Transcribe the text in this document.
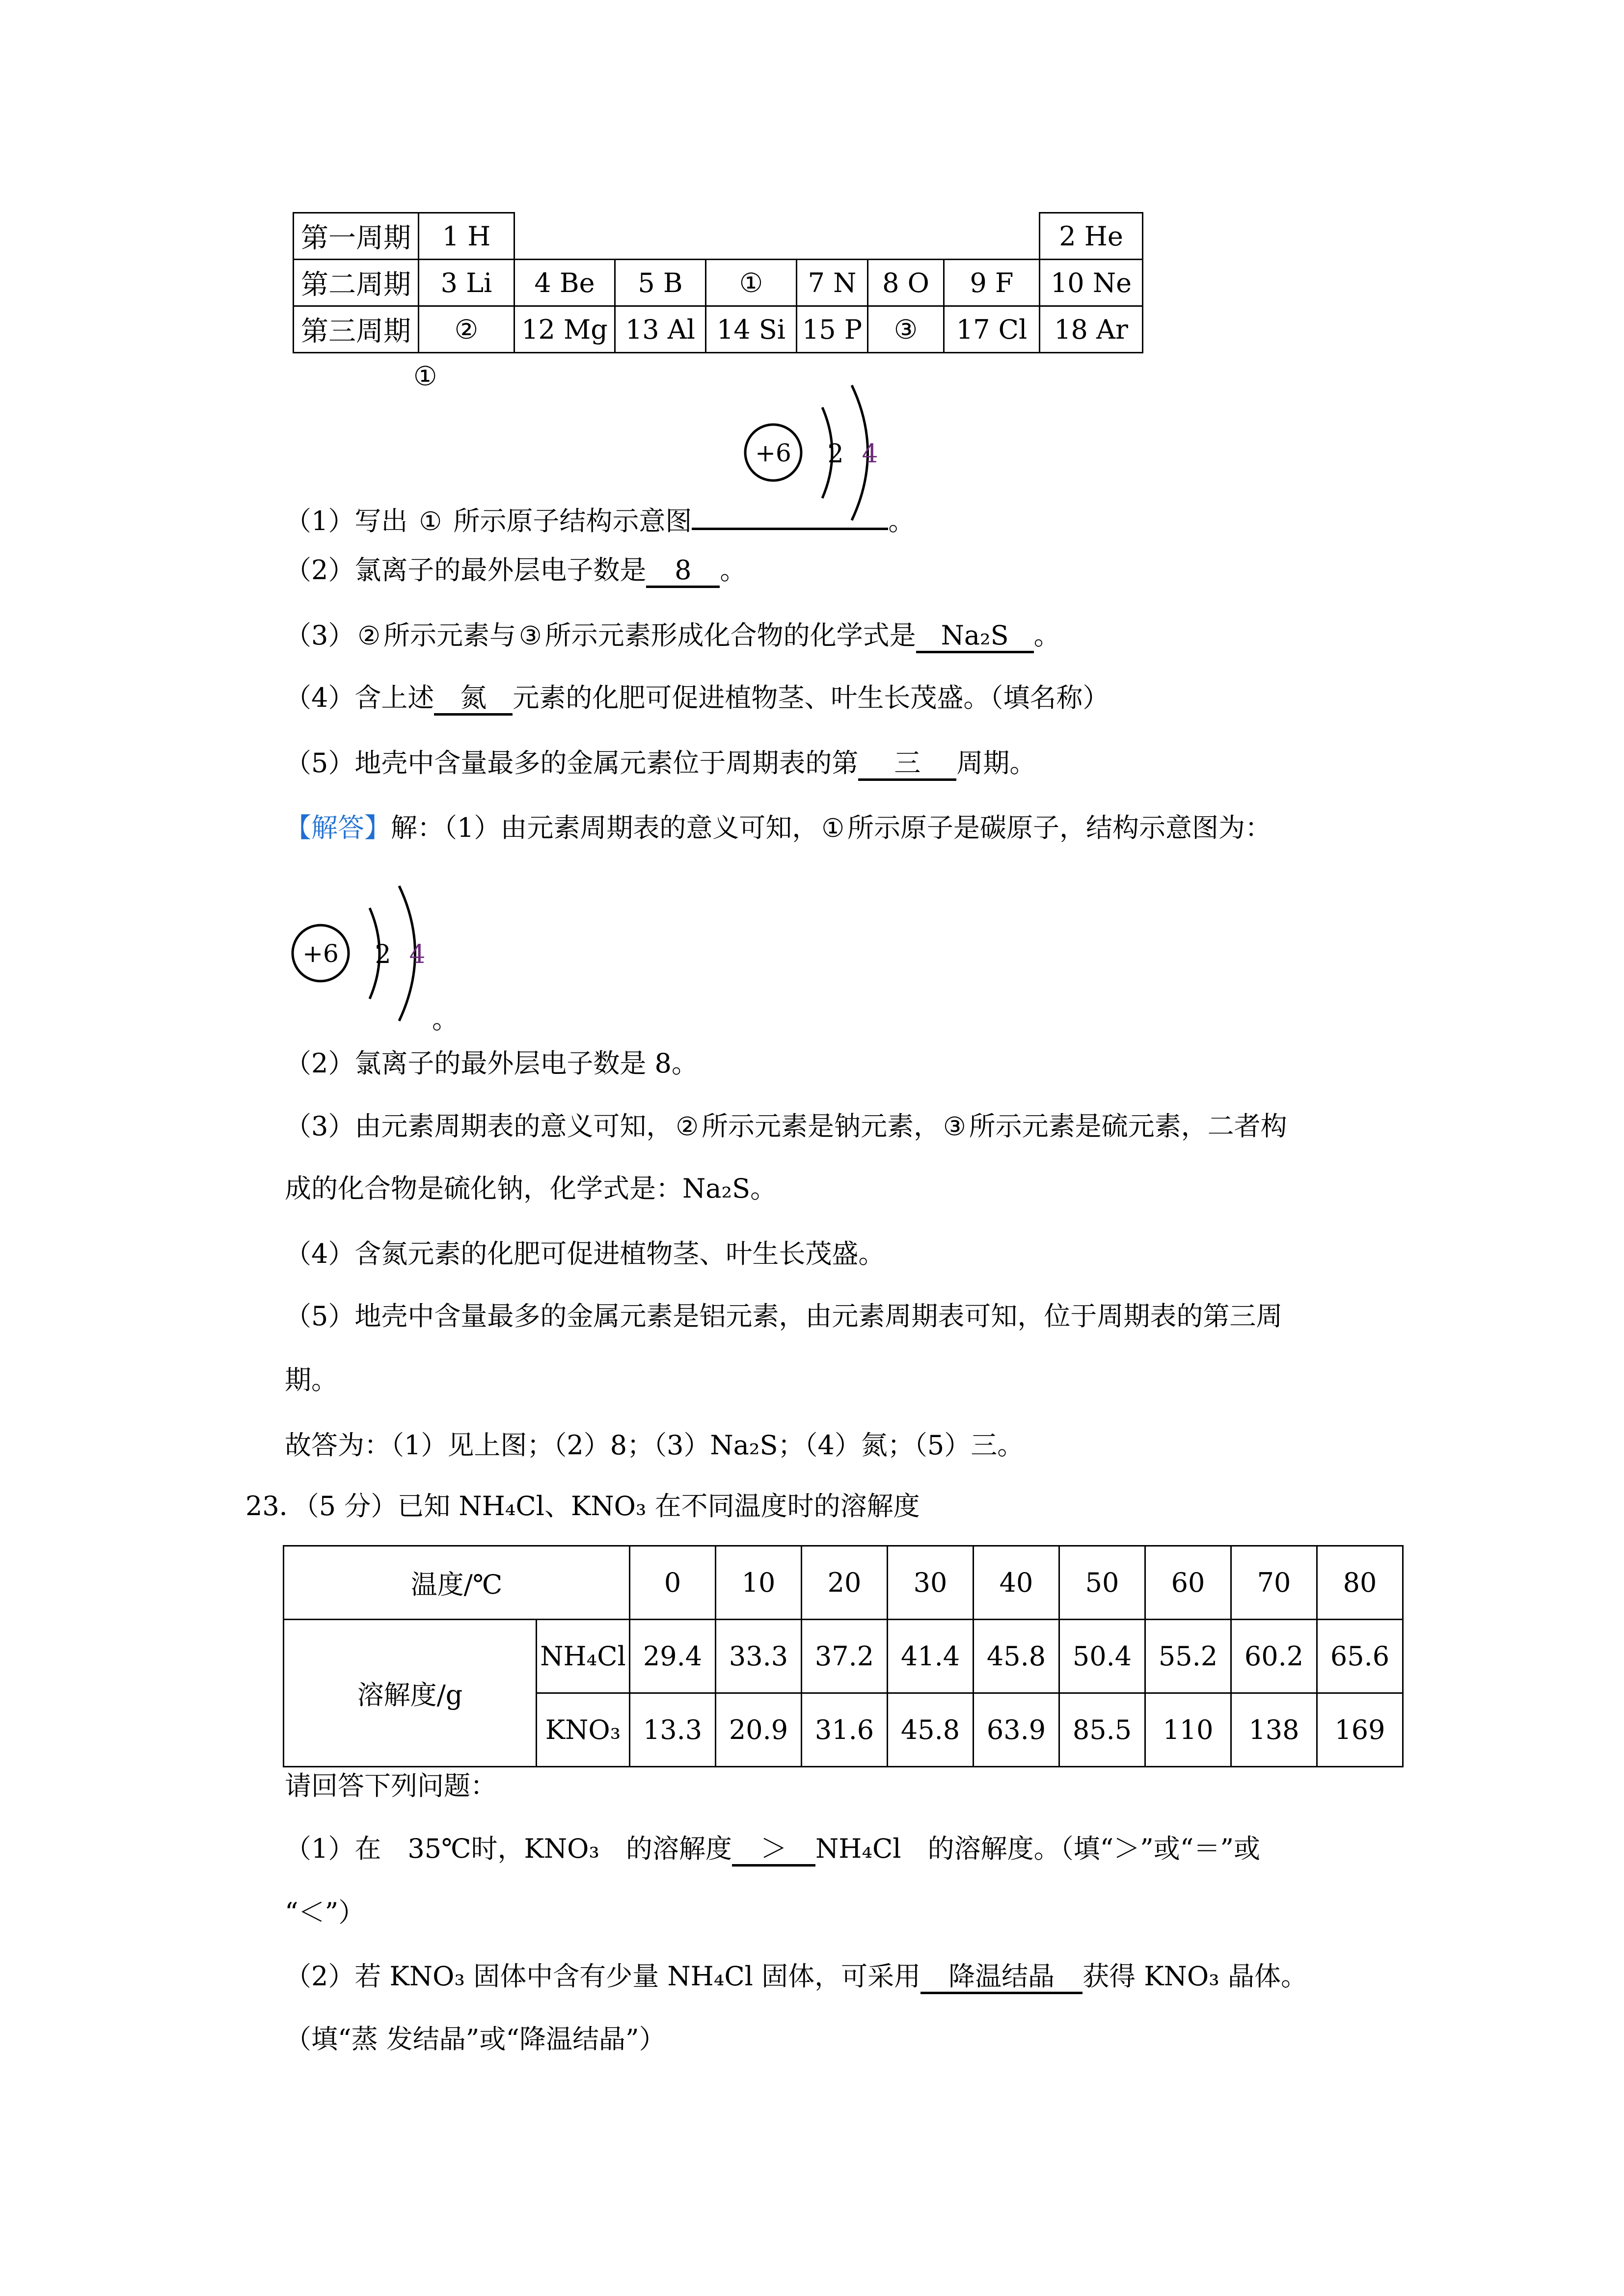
第一周期	1 H							2 He
第二周期	3 Li	4 Be	5 B	①	7 N	8 O	9 F	10 Ne
第三周期	②	12 Mg	13 Al	14 Si	15 P	③	17 Cl	18 Ar
①
+6 2 4
（1）写出 ① 所示原子结构示意图	。
（2）氯离子的最外层电子数是 8 。
（3） ② 所示元素与 ③ 所示元素形成化合物的化学式是 Na₂S 。
（4）含上述 氮 元素的化肥可促进植物茎、叶生长茂盛。（填名称）
（5）地壳中含量最多的金属元素位于周期表的第 三 周期。
【解答】解：（1）由元素周期表的意义可知， ① 所示原子是碳原子，结构示意图为：
+6 2 4
。
（2）氯离子的最外层电子数是 8。
（3）由元素周期表的意义可知， ② 所示元素是钠元素， ③ 所示元素是硫元素，二者构
成的化合物是硫化钠，化学式是：Na₂S。
（4）含氮元素的化肥可促进植物茎、叶生长茂盛。
（5）地壳中含量最多的金属元素是铝元素，由元素周期表可知，位于周期表的第三周
期。
故答为：（1）见上图；（2）8；（3）Na₂S；（4）氮；（5）三。
23．（5 分）已知 NH₄Cl、KNO₃ 在不同温度时的溶解度
温度/℃		0	10	20	30	40	50	60	70	80
溶解度/g	NH₄Cl	29.4	33.3	37.2	41.4	45.8	50.4	55.2	60.2	65.6
	KNO₃	13.3	20.9	31.6	45.8	63.9	85.5	110	138	169
请回答下列问题：
（1）在　35℃时，KNO₃　的溶解度 ＞ NH₄Cl　的溶解度。（填“＞”或“＝”或
“＜”）
（2）若 KNO₃ 固体中含有少量 NH₄Cl 固体，可采用 降温结晶 获得 KNO₃ 晶体。
（填“蒸 发结晶”或“降温结晶”）
